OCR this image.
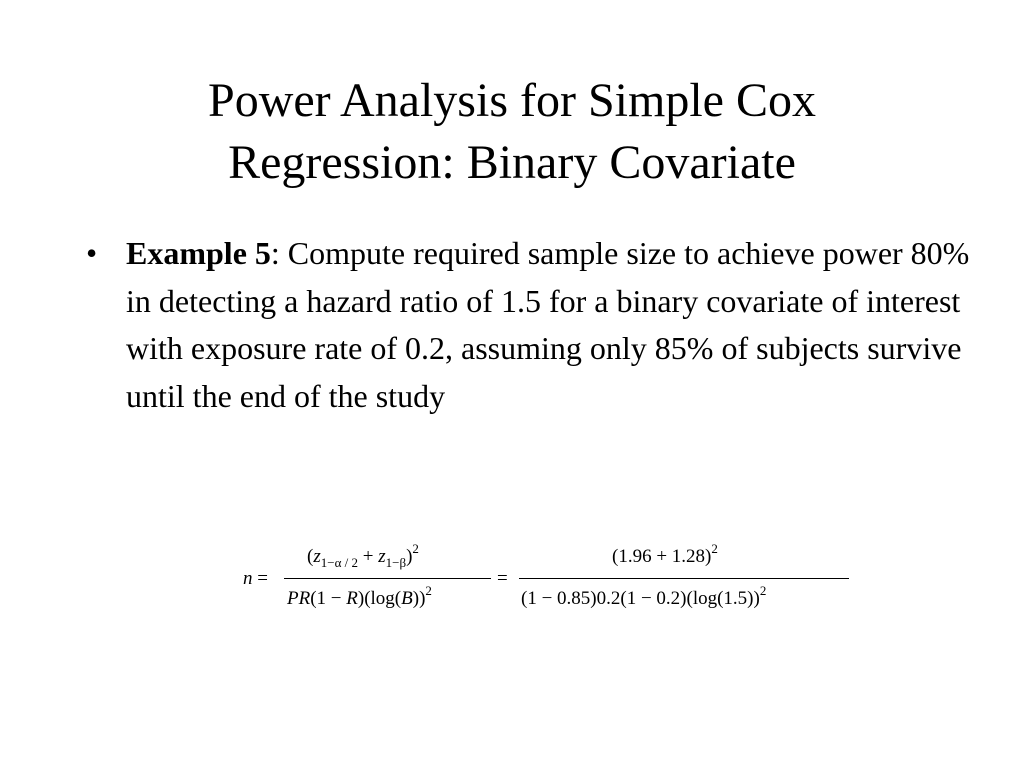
Power Analysis for Simple Cox
Regression: Binary Covariate
• Example 5: Compute required sample size to achieve power 80% in detecting a hazard ratio of 1.5 for a binary covariate of interest with exposure rate of 0.2, assuming only 85% of subjects survive until the end of the study
n =
$(z_{1-\alpha / 2} + z_{1-\beta})^2$
$PR(1 - R)(\log(B))^2$
=
$(1.96 + 1.28)^2$
$(1 - 0.85)0.2(1 - 0.2)(\log(1.5))^2$
